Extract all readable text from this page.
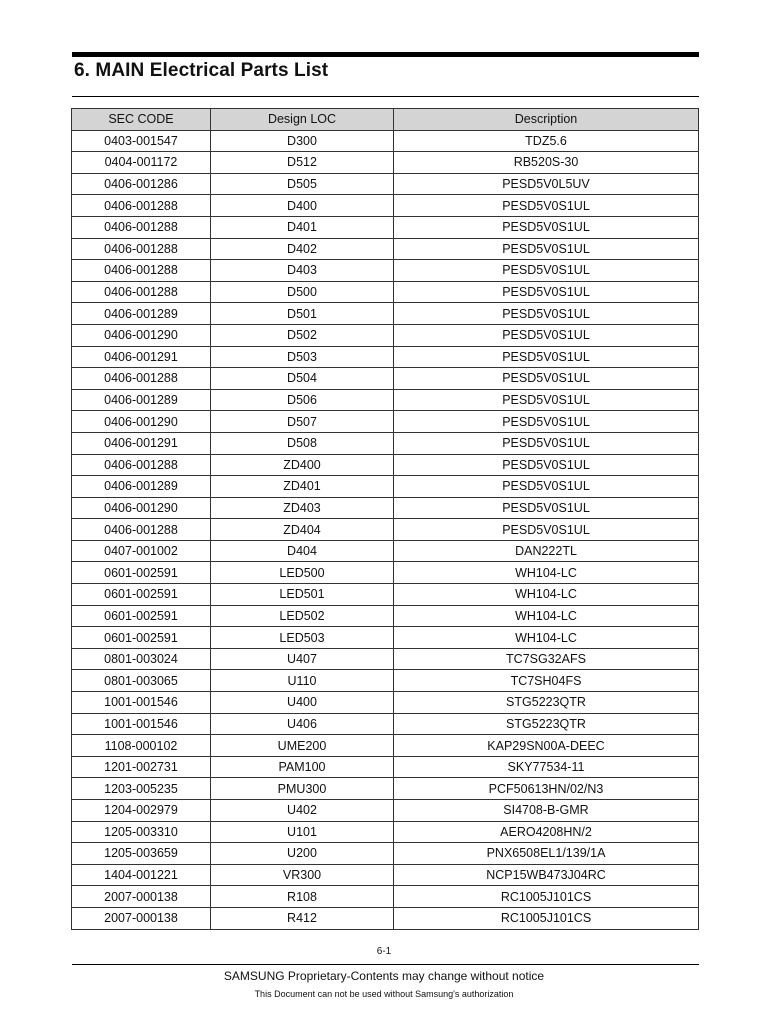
6. MAIN Electrical Parts List
SEC CODE	Design LOC	Description
0403-001547	D300	TDZ5.6
0404-001172	D512	RB520S-30
0406-001286	D505	PESD5V0L5UV
0406-001288	D400	PESD5V0S1UL
0406-001288	D401	PESD5V0S1UL
0406-001288	D402	PESD5V0S1UL
0406-001288	D403	PESD5V0S1UL
0406-001288	D500	PESD5V0S1UL
0406-001289	D501	PESD5V0S1UL
0406-001290	D502	PESD5V0S1UL
0406-001291	D503	PESD5V0S1UL
0406-001288	D504	PESD5V0S1UL
0406-001289	D506	PESD5V0S1UL
0406-001290	D507	PESD5V0S1UL
0406-001291	D508	PESD5V0S1UL
0406-001288	ZD400	PESD5V0S1UL
0406-001289	ZD401	PESD5V0S1UL
0406-001290	ZD403	PESD5V0S1UL
0406-001288	ZD404	PESD5V0S1UL
0407-001002	D404	DAN222TL
0601-002591	LED500	WH104-LC
0601-002591	LED501	WH104-LC
0601-002591	LED502	WH104-LC
0601-002591	LED503	WH104-LC
0801-003024	U407	TC7SG32AFS
0801-003065	U110	TC7SH04FS
1001-001546	U400	STG5223QTR
1001-001546	U406	STG5223QTR
1108-000102	UME200	KAP29SN00A-DEEC
1201-002731	PAM100	SKY77534-11
1203-005235	PMU300	PCF50613HN/02/N3
1204-002979	U402	SI4708-B-GMR
1205-003310	U101	AERO4208HN/2
1205-003659	U200	PNX6508EL1/139/1A
1404-001221	VR300	NCP15WB473J04RC
2007-000138	R108	RC1005J101CS
2007-000138	R412	RC1005J101CS
6-1
SAMSUNG Proprietary-Contents may change without notice
This Document can not be used without Samsung's authorization
